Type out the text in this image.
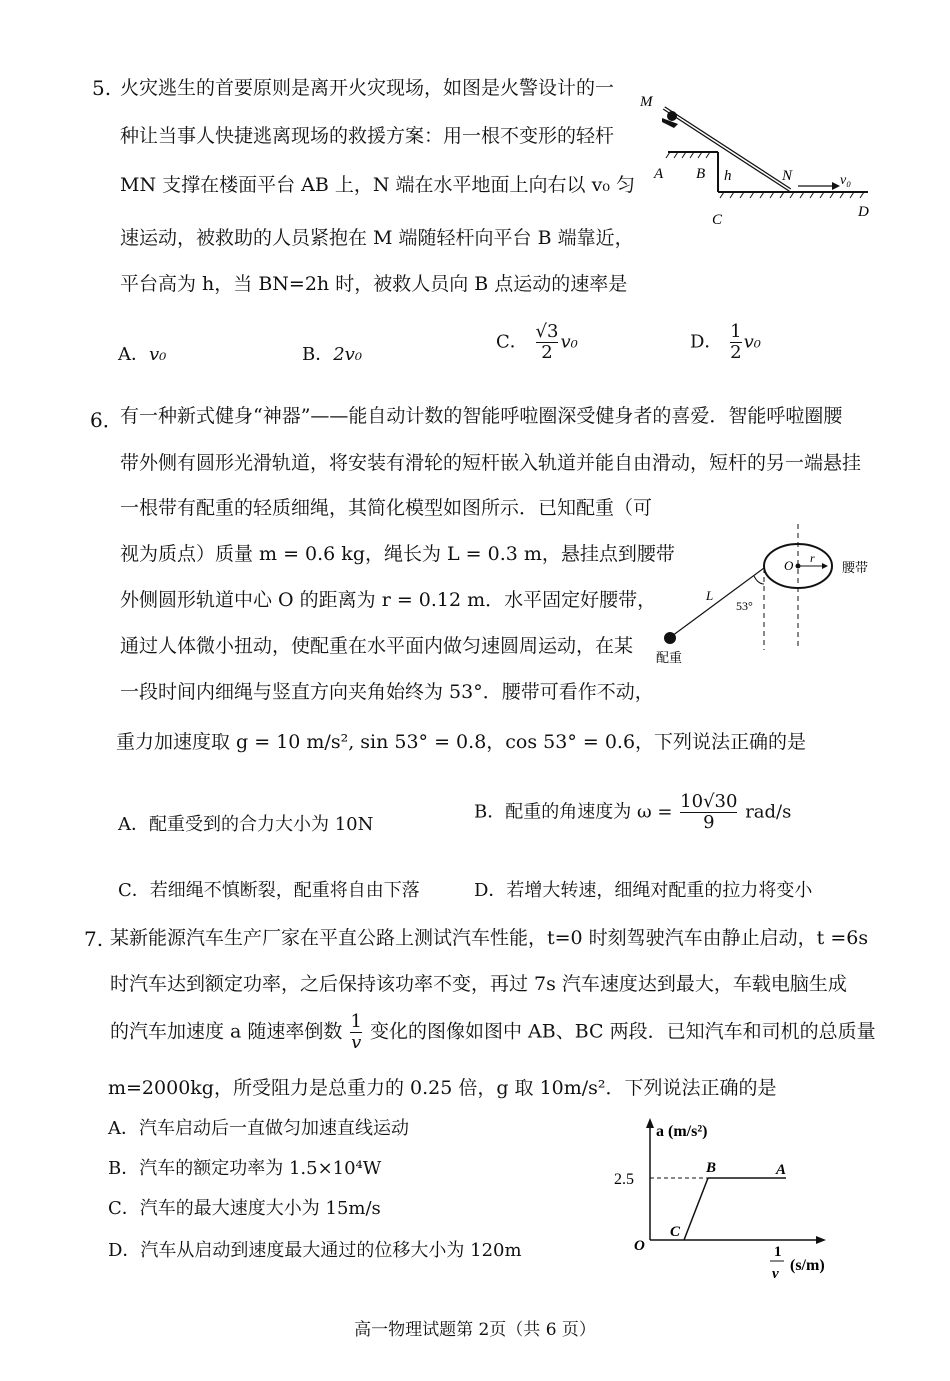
5. 火灾逃生的首要原则是离开火灾现场，如图是火警设计的一
种让当事人快捷逃离现场的救援方案：用一根不变形的轻杆
MN 支撑在楼面平台 AB 上，N 端在水平地面上向右以 v₀ 匀
速运动，被救助的人员紧抱在 M 端随轻杆向平台 B 端靠近，
平台高为 h，当 BN=2h 时，被救人员向 B 点运动的速率是
A．v₀	B．2v₀
C． $\frac{√3}{2} v_0$	D． $\frac{1}{2} v_0$
M
A B h	N	v₀
C	D
6．
有一种新式健身“神器”——能自动计数的智能呼啦圈深受健身者的喜爱．智能呼啦圈腰
带外侧有圆形光滑轨道，将安装有滑轮的短杆嵌入轨道并能自由滑动，短杆的另一端悬挂
一根带有配重的轻质细绳，其简化模型如图所示．已知配重（可
视为质点）质量 m = 0.6 kg，绳长为 L = 0.3 m，悬挂点到腰带
外侧圆形轨道中心 O 的距离为 r = 0.12 m．水平固定好腰带，
通过人体微小扭动，使配重在水平面内做匀速圆周运动，在某
一段时间内细绳与竖直方向夹角始终为 53°．腰带可看作不动，
重力加速度取 g = 10 m/s², sin 53° = 0.8，cos 53° = 0.6，下列说法正确的是
O r
腰带
L
53°
配重
A．配重受到的合力大小为 10N
B．配重的角速度为 $\omega = \frac{10√30}{9} rad/s$
C．若细绳不慎断裂，配重将自由下落	D．若增大转速，细绳对配重的拉力将变小
7. 某新能源汽车生产厂家在平直公路上测试汽车性能，t=0 时刻驾驶汽车由静止启动，t =6s
时汽车达到额定功率，之后保持该功率不变，再过 7s 汽车速度达到最大，车载电脑生成
的汽车加速度 a 随速率倒数 $\frac{1}{v}$ 变化的图像如图中 AB、BC 两段．已知汽车和司机的总质量
m=2000kg，所受阻力是总重力的 0.25 倍，g 取 10m/s²．下列说法正确的是
A．汽车启动后一直做匀加速直线运动
B．汽车的额定功率为 1.5×10⁴W
C．汽车的最大速度大小为 15m/s
D．汽车从启动到速度最大通过的位移大小为 120m
a (m/s²)
2.5
O
B	A
C
1
v (s/m)
高一物理试题第 2页（共 6 页）
